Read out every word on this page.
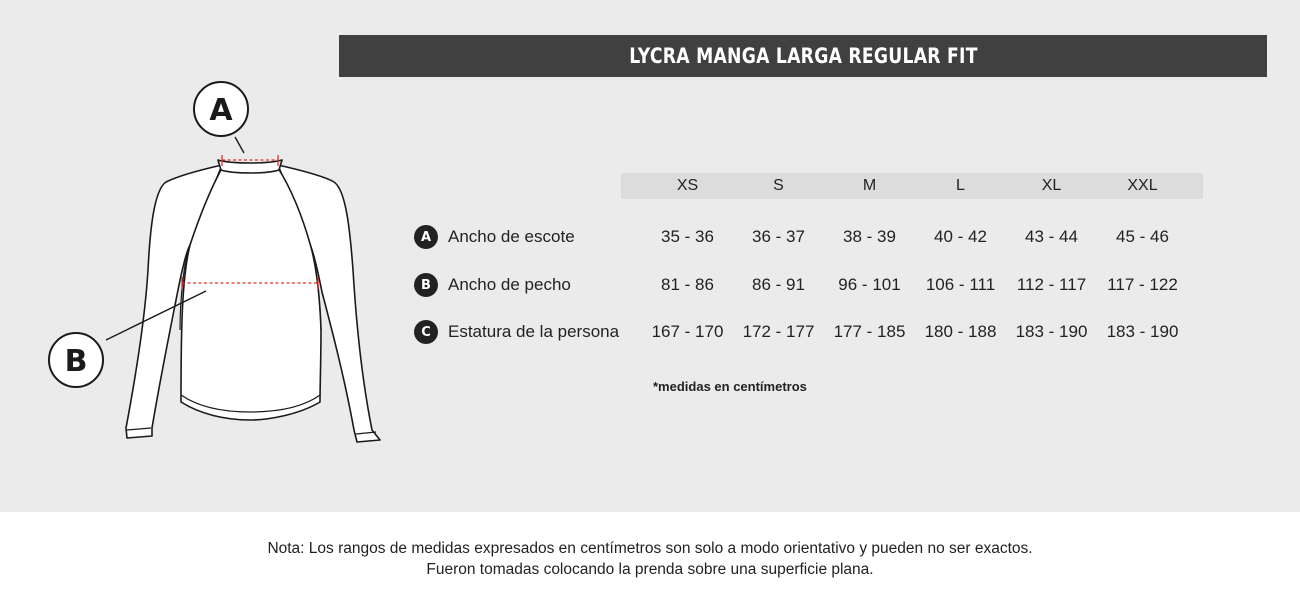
LYCRA MANGA LARGA REGULAR FIT
A
B
XS	S	M	L	XL	XXL
A Ancho de escote	35 - 36	36 - 37	38 - 39	40 - 42	43 - 44	45 - 46
B	Ancho de pecho	81 - 86	86 - 91	96 - 101	106 - 111	112 - 117	117 - 122
C	Estatura de la persona	167 - 170	172 - 177	177 - 185	180 - 188	183 - 190	183 - 190
*medidas en centímetros
Nota: Los rangos de medidas expresados en centímetros son solo a modo orientativo y pueden no ser exactos.
Fueron tomadas colocando la prenda sobre una superficie plana.
